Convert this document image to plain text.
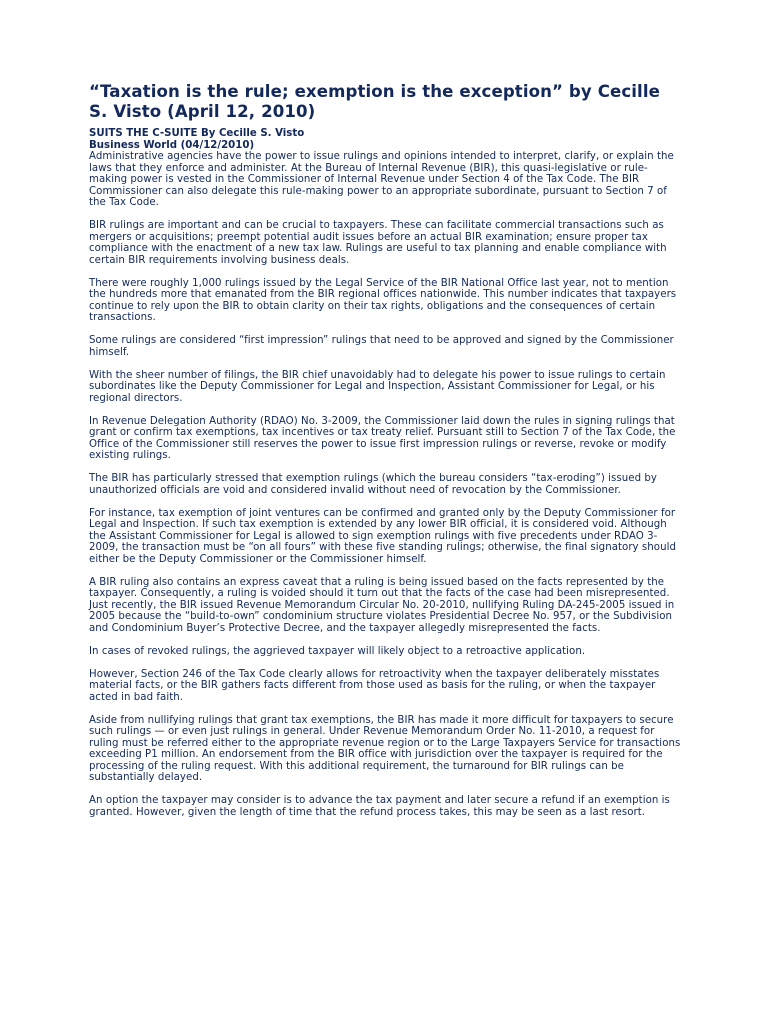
“Taxation is the rule; exemption is the exception” by Cecille S. Visto (April 12, 2010)

SUITS THE C-SUITE By Cecille S. Visto

Business World (04/12/2010)

Administrative agencies have the power to issue rulings and opinions intended to interpret, clarify, or explain the laws that they enforce and administer. At the Bureau of Internal Revenue (BIR), this quasi-legislative or rule-making power is vested in the Commissioner of Internal Revenue under Section 4 of the Tax Code. The BIR Commissioner can also delegate this rule-making power to an appropriate subordinate, pursuant to Section 7 of the Tax Code.

BIR rulings are important and can be crucial to taxpayers. These can facilitate commercial transactions such as mergers or acquisitions; preempt potential audit issues before an actual BIR examination; ensure proper tax compliance with the enactment of a new tax law. Rulings are useful to tax planning and enable compliance with certain BIR requirements involving business deals.

There were roughly 1,000 rulings issued by the Legal Service of the BIR National Office last year, not to mention the hundreds more that emanated from the BIR regional offices nationwide. This number indicates that taxpayers continue to rely upon the BIR to obtain clarity on their tax rights, obligations and the consequences of certain transactions.

Some rulings are considered “first impression” rulings that need to be approved and signed by the Commissioner himself.

With the sheer number of filings, the BIR chief unavoidably had to delegate his power to issue rulings to certain subordinates like the Deputy Commissioner for Legal and Inspection, Assistant Commissioner for Legal, or his regional directors.

In Revenue Delegation Authority (RDAO) No. 3-2009, the Commissioner laid down the rules in signing rulings that grant or confirm tax exemptions, tax incentives or tax treaty relief. Pursuant still to Section 7 of the Tax Code, the Office of the Commissioner still reserves the power to issue first impression rulings or reverse, revoke or modify existing rulings.

The BIR has particularly stressed that exemption rulings (which the bureau considers “tax-eroding”) issued by unauthorized officials are void and considered invalid without need of revocation by the Commissioner.

For instance, tax exemption of joint ventures can be confirmed and granted only by the Deputy Commissioner for Legal and Inspection. If such tax exemption is extended by any lower BIR official, it is considered void. Although the Assistant Commissioner for Legal is allowed to sign exemption rulings with five precedents under RDAO 3-2009, the transaction must be “on all fours” with these five standing rulings; otherwise, the final signatory should either be the Deputy Commissioner or the Commissioner himself.

A BIR ruling also contains an express caveat that a ruling is being issued based on the facts represented by the taxpayer. Consequently, a ruling is voided should it turn out that the facts of the case had been misrepresented. Just recently, the BIR issued Revenue Memorandum Circular No. 20-2010, nullifying Ruling DA-245-2005 issued in 2005 because the “build-to-own” condominium structure violates Presidential Decree No. 957, or the Subdivision and Condominium Buyer’s Protective Decree, and the taxpayer allegedly misrepresented the facts.

In cases of revoked rulings, the aggrieved taxpayer will likely object to a retroactive application.

However, Section 246 of the Tax Code clearly allows for retroactivity when the taxpayer deliberately misstates material facts, or the BIR gathers facts different from those used as basis for the ruling, or when the taxpayer acted in bad faith.

Aside from nullifying rulings that grant tax exemptions, the BIR has made it more difficult for taxpayers to secure such rulings — or even just rulings in general. Under Revenue Memorandum Order No. 11-2010, a request for ruling must be referred either to the appropriate revenue region or to the Large Taxpayers Service for transactions exceeding P1 million. An endorsement from the BIR office with jurisdiction over the taxpayer is required for the processing of the ruling request. With this additional requirement, the turnaround for BIR rulings can be substantially delayed.

An option the taxpayer may consider is to advance the tax payment and later secure a refund if an exemption is granted. However, given the length of time that the refund process takes, this may be seen as a last resort.
